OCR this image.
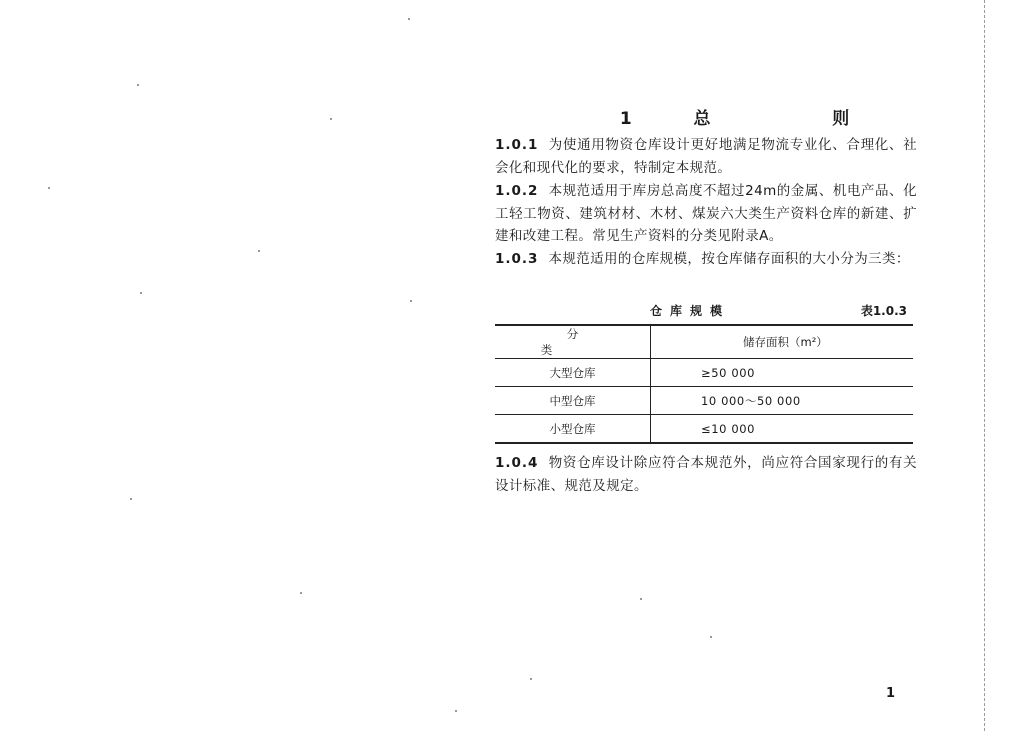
1	总    则

1.0.1 为使通用物资仓库设计更好地满足物流专业化、合理化、社会化和现代化的要求，特制定本规范。
1.0.2 本规范适用于库房总高度不超过24m的金属、机电产品、化工轻工物资、建筑材材、木材、煤炭六大类生产资料仓库的新建、扩建和改建工程。常见生产资料的分类见附录A。
1.0.3 本规范适用的仓库规模，按仓库储存面积的大小分为三类：
仓库规模	表1.0.3
分类	储存面积（m²）
大型仓库	≥50 000
中型仓库	10 000～50 000
小型仓库	≤10 000
1.0.4 物资仓库设计除应符合本规范外，尚应符合国家现行的有关设计标准、规范及规定。
1
